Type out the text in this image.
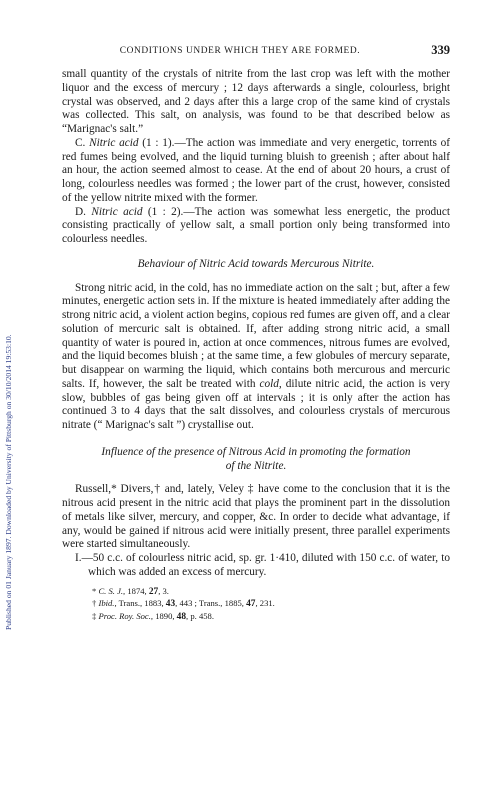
Published on 01 January 1897. Downloaded by University of Pittsburgh on 30/10/2014 19:53:10.
CONDITIONS UNDER WHICH THEY ARE FORMED.	339

small quantity of the crystals of nitrite from the last crop was left with the mother liquor and the excess of mercury ; 12 days afterwards a single, colourless, bright crystal was observed, and 2 days after this a large crop of the same kind of crystals was collected. This salt, on analysis, was found to be that described below as “Marignac's salt.”

C. Nitric acid (1 : 1).—The action was immediate and very energetic, torrents of red fumes being evolved, and the liquid turning bluish to greenish ; after about half an hour, the action seemed almost to cease. At the end of about 20 hours, a crust of long, colourless needles was formed ; the lower part of the crust, however, consisted of the yellow nitrite mixed with the former.

D. Nitric acid (1 : 2).—The action was somewhat less energetic, the product consisting practically of yellow salt, a small portion only being transformed into colourless needles.

Behaviour of Nitric Acid towards Mercurous Nitrite.

Strong nitric acid, in the cold, has no immediate action on the salt ; but, after a few minutes, energetic action sets in. If the mixture is heated immediately after adding the strong nitric acid, a violent action begins, copious red fumes are given off, and a clear solution of mercuric salt is obtained. If, after adding strong nitric acid, a small quantity of water is poured in, action at once commences, nitrous fumes are evolved, and the liquid becomes bluish ; at the same time, a few globules of mercury separate, but disappear on warming the liquid, which contains both mercurous and mercuric salts. If, however, the salt be treated with cold, dilute nitric acid, the action is very slow, bubbles of gas being given off at intervals ; it is only after the action has continued 3 to 4 days that the salt dissolves, and colourless crystals of mercurous nitrate (“ Marignac's salt ”) crystallise out.

Influence of the presence of Nitrous Acid in promoting the formation
of the Nitrite.

Russell,* Divers,† and, lately, Veley ‡ have come to the conclusion that it is the nitrous acid present in the nitric acid that plays the prominent part in the dissolution of metals like silver, mercury, and copper, &c. In order to decide what advantage, if any, would be gained if nitrous acid were initially present, three parallel experiments were started simultaneously.

I.—50 c.c. of colourless nitric acid, sp. gr. 1·410, diluted with 150 c.c. of water, to which was added an excess of mercury.

* C. S. J., 1874, 27, 3.

† Ibid., Trans., 1883, 43, 443 ; Trans., 1885, 47, 231.

‡ Proc. Roy. Soc., 1890, 48, p. 458.
